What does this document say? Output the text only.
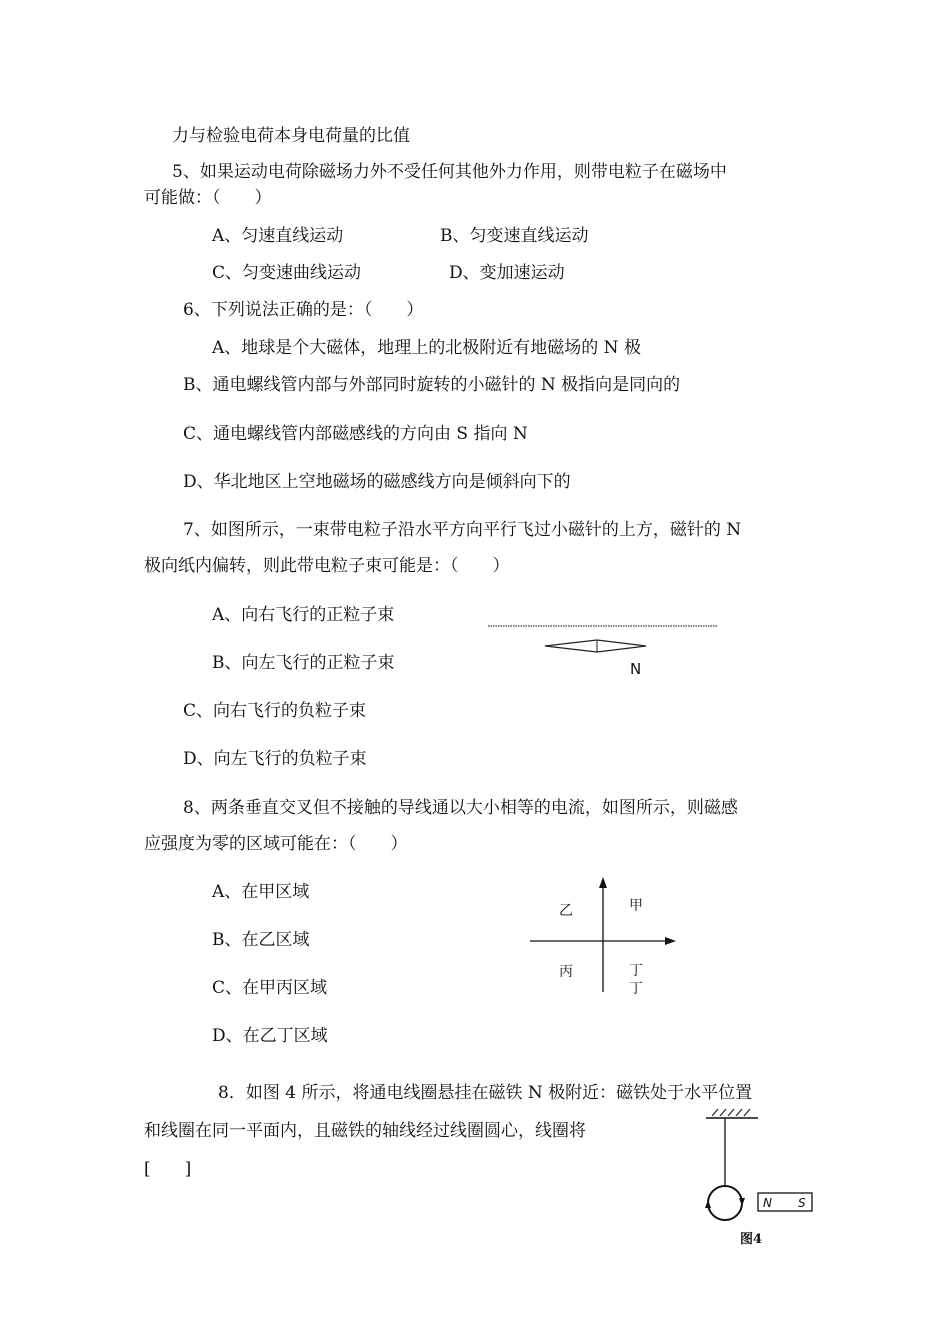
力与检验电荷本身电荷量的比值
5、如果运动电荷除磁场力外不受任何其他外力作用，则带电粒子在磁场中
可能做：（　　）
A、匀速直线运动	B、匀变速直线运动
C、匀变速曲线运动	D、变加速运动
6、下列说法正确的是：（　　）
A、地球是个大磁体，地理上的北极附近有地磁场的 N 极
B、通电螺线管内部与外部同时旋转的小磁针的 N 极指向是同向的
C、通电螺线管内部磁感线的方向由 S 指向 N
D、华北地区上空地磁场的磁感线方向是倾斜向下的
7、如图所示，一束带电粒子沿水平方向平行飞过小磁针的上方，磁针的 N
极向纸内偏转，则此带电粒子束可能是：（　　）
A、向右飞行的正粒子束
B、向左飞行的正粒子束
C、向右飞行的负粒子束
D、向左飞行的负粒子束
8、两条垂直交叉但不接触的导线通以大小相等的电流，如图所示，则磁感
应强度为零的区域可能在：（　　）
A、在甲区域
B、在乙区域
C、在甲丙区域
D、在乙丁区域
8．如图 4 所示，将通电线圈悬挂在磁铁 N 极附近：磁铁处于水平位置
和线圈在同一平面内，且磁铁的轴线经过线圈圆心，线圈将
[　　]
N
乙	甲
丙	丁
丁
N S
图4
